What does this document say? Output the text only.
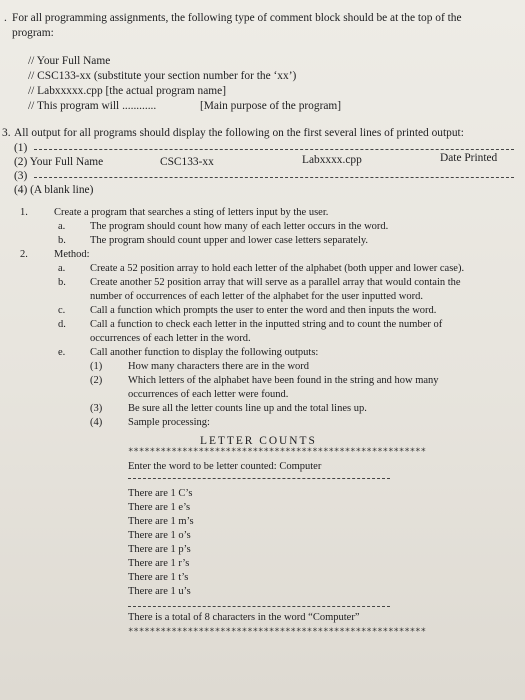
. For all programming assignments, the following type of comment block should be at the top of the
program:
// Your Full Name
// CSC133-xx (substitute your section number for the ‘xx’)
// Labxxxxx.cpp [the actual program name]
// This program will ............	[Main purpose of the program]
3. All output for all programs should display the following on the first several lines of printed output:
(1)
(2) Your Full Name	CSC133-xx	Labxxxx.cpp	Date Printed
(3)
(4) (A blank line)
1. Create a program that searches a sting of letters input by the user.
a. The program should count how many of each letter occurs in the word.
b. The program should count upper and lower case letters separately.
2. Method:
a. Create a 52 position array to hold each letter of the alphabet (both upper and lower case).
b. Create another 52 position array that will serve as a parallel array that would contain the
number of occurrences of each letter of the alphabet for the user inputted word.
c. Call a function which prompts the user to enter the word and then inputs the word.
d. Call a function to check each letter in the inputted string and to count the number of
occurrences of each letter in the word.
e. Call another function to display the following outputs:
(1) How many characters there are in the word
(2) Which letters of the alphabet have been found in the string and how many
occurrences of each letter were found.
(3) Be sure all the letter counts line up and the total lines up.
(4) Sample processing:
LETTER COUNTS
*******************************************************
Enter the word to be letter counted: Computer
There are 1 C’s
There are 1 e’s
There are 1 m’s
There are 1 o’s
There are 1 p’s
There are 1 r’s
There are 1 t’s
There are 1 u’s
There is a total of 8 characters in the word “Computer”
*******************************************************
